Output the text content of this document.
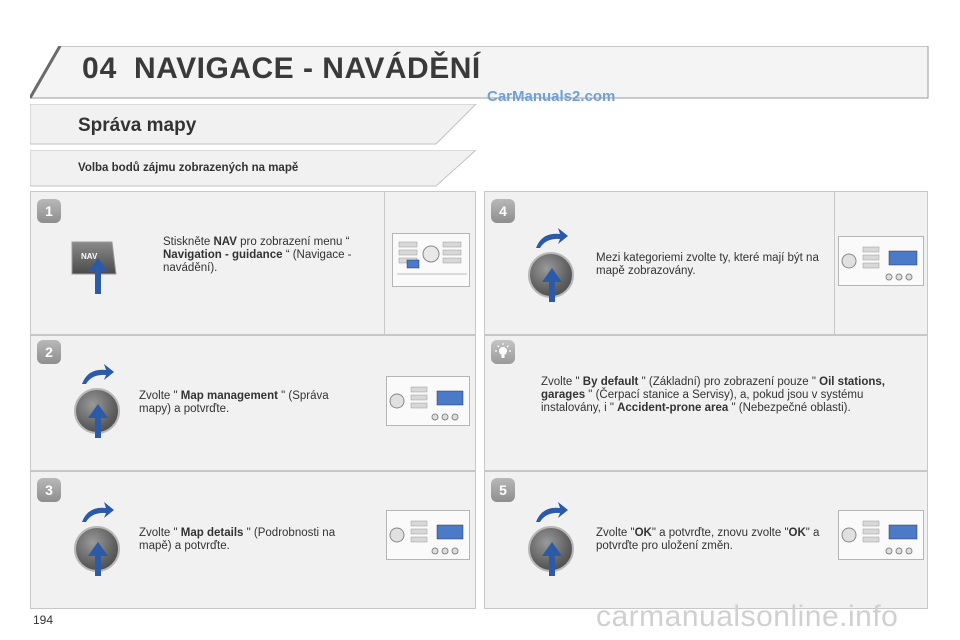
04 NAVIGACE - NAVÁDĚNÍ
CarManuals2.com
Správa mapy
Volba bodů zájmu zobrazených na mapě
1
NAV
Stiskněte NAV pro zobrazení menu “ Navigation - guidance “ (Navigace - navádění).
2
Zvolte " Map management " (Správa mapy) a potvrďte.
3
Zvolte " Map details " (Podrobnosti na mapě) a potvrďte.
4
Mezi kategoriemi zvolte ty, které mají být na mapě zobrazovány.
Zvolte " By default " (Základní) pro zobrazení pouze " Oil stations, garages " (Čerpací stanice a Servisy), a, pokud jsou v systému instalovány, i " Accident-prone area " (Nebezpečné oblasti).
5
Zvolte "OK" a potvrďte, znovu zvolte "OK" a potvrďte pro uložení změn.
194	carmanualsonline.info
